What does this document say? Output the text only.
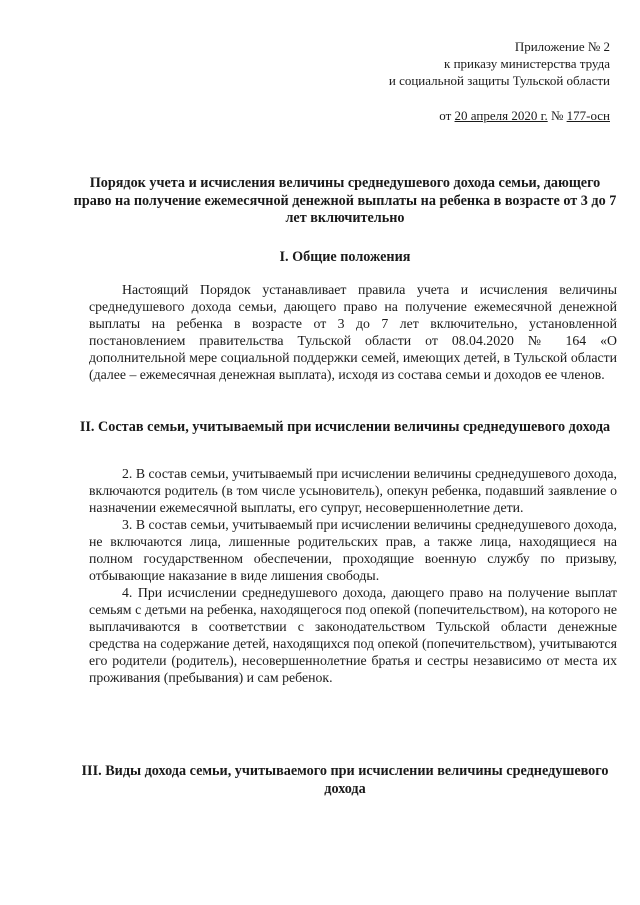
Приложение № 2
к приказу министерства труда
и социальной защиты Тульской области
от 20 апреля 2020 г. № 177-осн
Порядок учета и исчисления величины среднедушевого дохода семьи, дающего право на получение ежемесячной денежной выплаты на ребенка в возрасте от 3 до 7 лет включительно
I. Общие положения

Настоящий Порядок устанавливает правила учета и исчисления величины среднедушевого дохода семьи, дающего право на получение ежемесячной денежной выплаты на ребенка в возрасте от 3 до 7 лет включительно, установленной постановлением правительства Тульской области от 08.04.2020 № 164 «О дополнительной мере социальной поддержки семей, имеющих детей, в Тульской области (далее – ежемесячная денежная выплата), исходя из состава семьи и доходов ее членов.

II. Состав семьи, учитываемый при исчислении величины среднедушевого дохода

2. В состав семьи, учитываемый при исчислении величины среднедушевого дохода, включаются родитель (в том числе усыновитель), опекун ребенка, подавший заявление о назначении ежемесячной выплаты, его супруг, несовершеннолетние дети.

3. В состав семьи, учитываемый при исчислении величины среднедушевого дохода, не включаются лица, лишенные родительских прав, а также лица, находящиеся на полном государственном обеспечении, проходящие военную службу по призыву, отбывающие наказание в виде лишения свободы.

4. При исчислении среднедушевого дохода, дающего право на получение выплат семьям с детьми на ребенка, находящегося под опекой (попечительством), на которого не выплачиваются в соответствии с законодательством Тульской области денежные средства на содержание детей, находящихся под опекой (попечительством), учитываются его родители (родитель), несовершеннолетние братья и сестры независимо от места их проживания (пребывания) и сам ребенок.

III. Виды дохода семьи, учитываемого при исчислении величины среднедушевого дохода
